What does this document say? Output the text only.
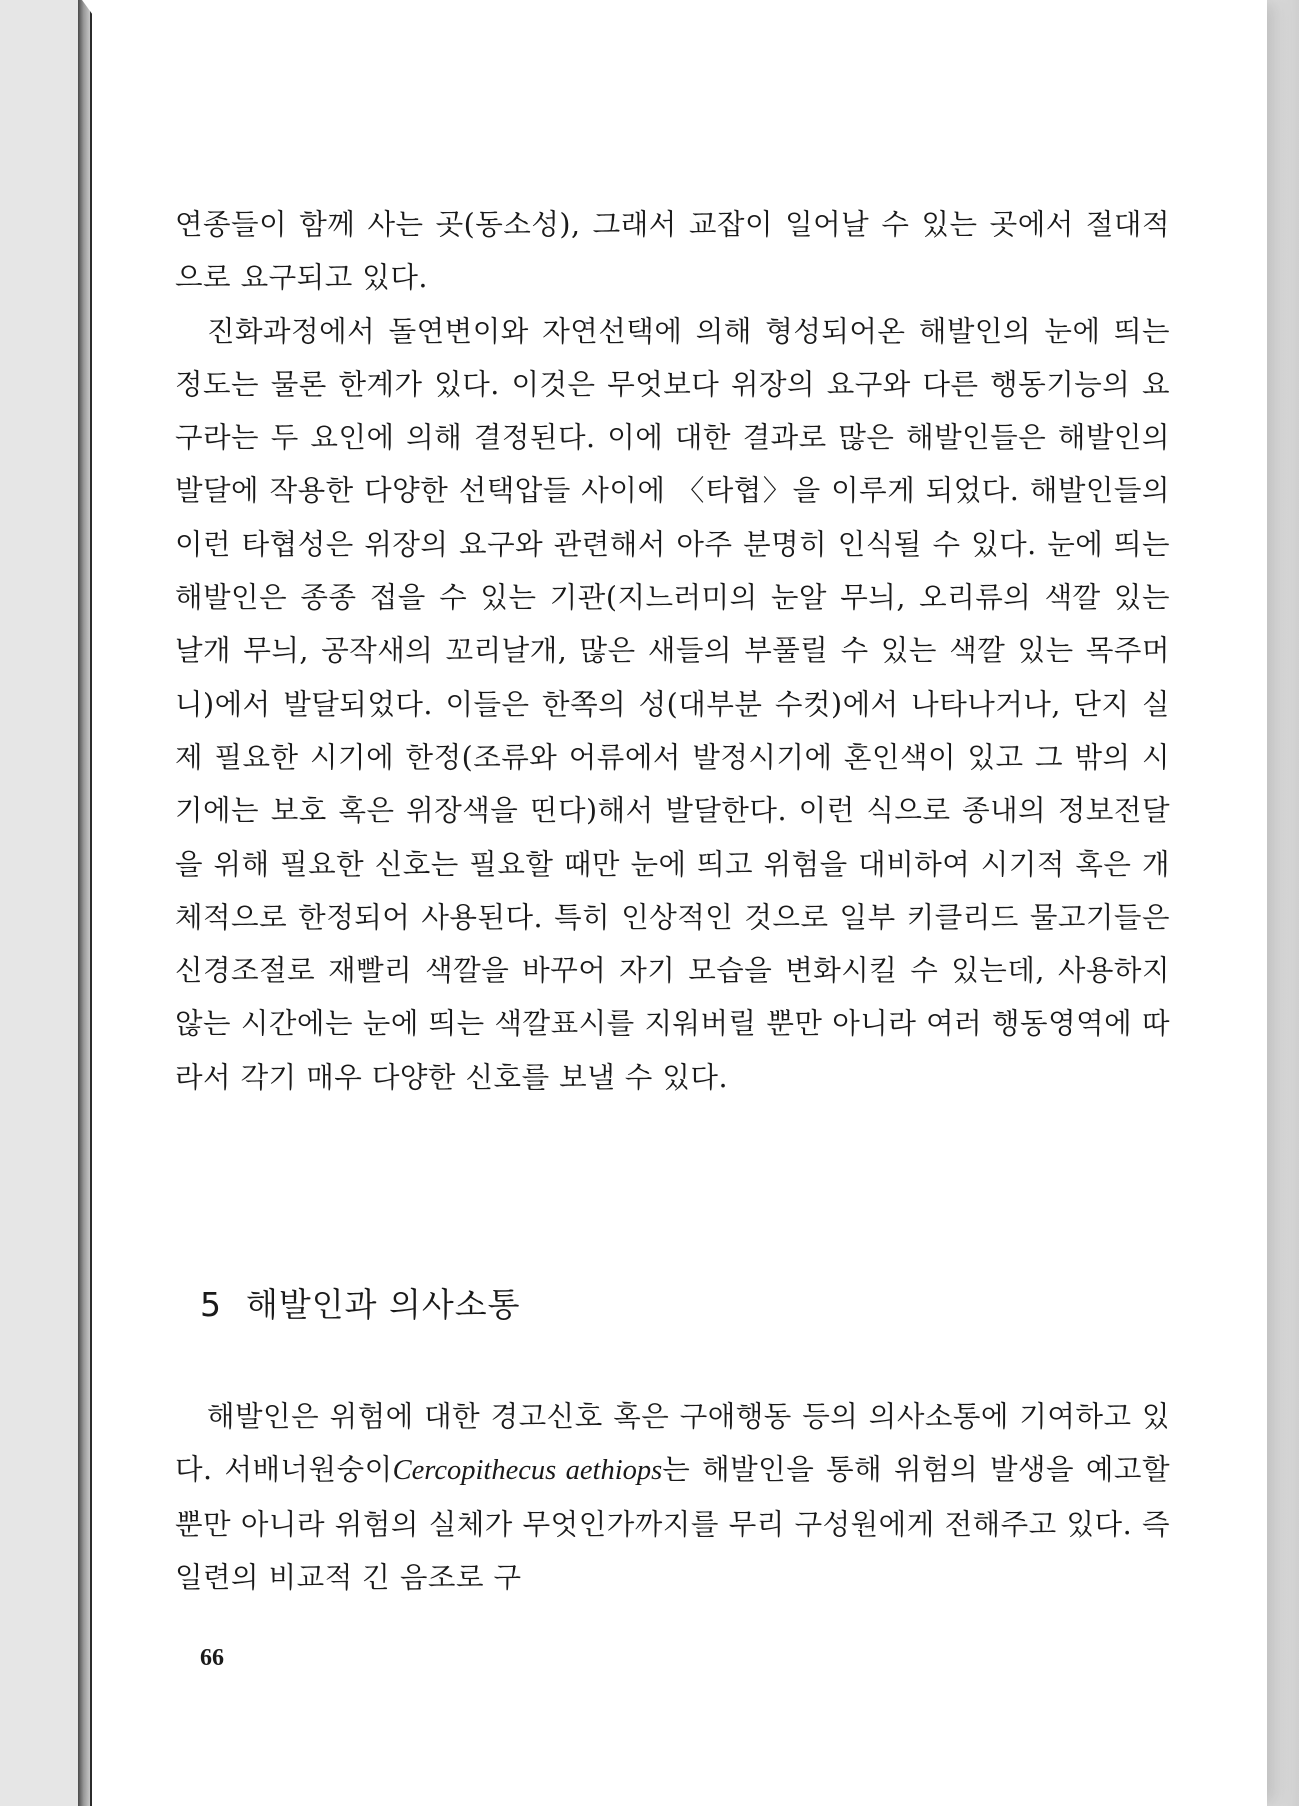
연종들이 함께 사는 곳(동소성), 그래서 교잡이 일어날 수 있는 곳에서 절대적으로 요구되고 있다.

진화과정에서 돌연변이와 자연선택에 의해 형성되어온 해발인의 눈에 띄는 정도는 물론 한계가 있다. 이것은 무엇보다 위장의 요구와 다른 행동기능의 요구라는 두 요인에 의해 결정된다. 이에 대한 결과로 많은 해발인들은 해발인의 발달에 작용한 다양한 선택압들 사이에 〈타협〉을 이루게 되었다. 해발인들의 이런 타협성은 위장의 요구와 관련해서 아주 분명히 인식될 수 있다. 눈에 띄는 해발인은 종종 접을 수 있는 기관(지느러미의 눈알 무늬, 오리류의 색깔 있는 날개 무늬, 공작새의 꼬리날개, 많은 새들의 부풀릴 수 있는 색깔 있는 목주머니)에서 발달되었다. 이들은 한쪽의 성(대부분 수컷)에서 나타나거나, 단지 실제 필요한 시기에 한정(조류와 어류에서 발정시기에 혼인색이 있고 그 밖의 시기에는 보호 혹은 위장색을 띤다)해서 발달한다. 이런 식으로 종내의 정보전달을 위해 필요한 신호는 필요할 때만 눈에 띄고 위험을 대비하여 시기적 혹은 개체적으로 한정되어 사용된다. 특히 인상적인 것으로 일부 키클리드 물고기들은 신경조절로 재빨리 색깔을 바꾸어 자기 모습을 변화시킬 수 있는데, 사용하지 않는 시간에는 눈에 띄는 색깔표시를 지워버릴 뿐만 아니라 여러 행동영역에 따라서 각기 매우 다양한 신호를 보낼 수 있다.

5 해발인과 의사소통

해발인은 위험에 대한 경고신호 혹은 구애행동 등의 의사소통에 기여하고 있다. 서배너원숭이Cercopithecus aethiops는 해발인을 통해 위험의 발생을 예고할 뿐만 아니라 위험의 실체가 무엇인가까지를 무리 구성원에게 전해주고 있다. 즉 일련의 비교적 긴 음조로 구

66
